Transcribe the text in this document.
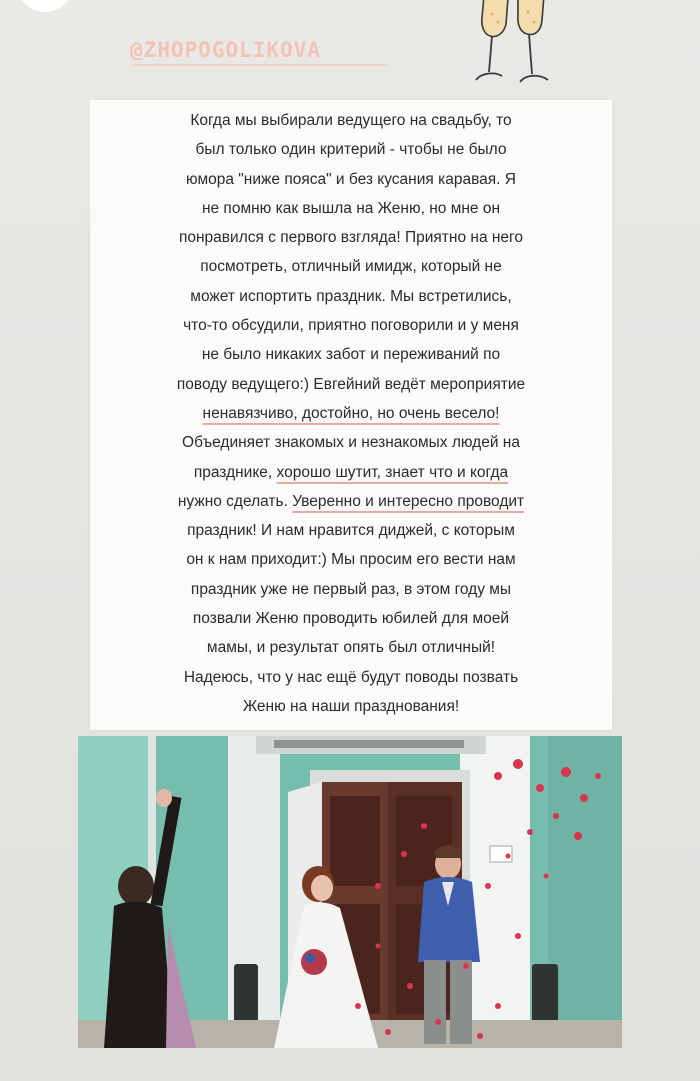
@ZHOPOGOLIKOVA

Когда мы выбирали ведущего на свадьбу, то
был только один критерий - чтобы не было
юмора "ниже пояса" и без кусания каравая. Я
не помню как вышла на Женю, но мне он
понравился с первого взгляда! Приятно на него
посмотреть, отличный имидж, который не
может испортить праздник. Мы встретились,
что-то обсудили, приятно поговорили и у меня
не было никаких забот и переживаний по
поводу ведущего:) Евгейний ведёт мероприятие
ненавязчиво, достойно, но очень весело!
Объединяет знакомых и незнакомых людей на
празднике, хорошо шутит, знает что и когда
нужно сделать. Уверенно и интересно проводит
праздник! И нам нравится диджей, с которым
он к нам приходит:) Мы просим его вести нам
праздник уже не первый раз, в этом году мы
позвали Женю проводить юбилей для моей
мамы, и результат опять был отличный!
Надеюсь, что у нас ещё будут поводы позвать
Женю на наши празднования!
